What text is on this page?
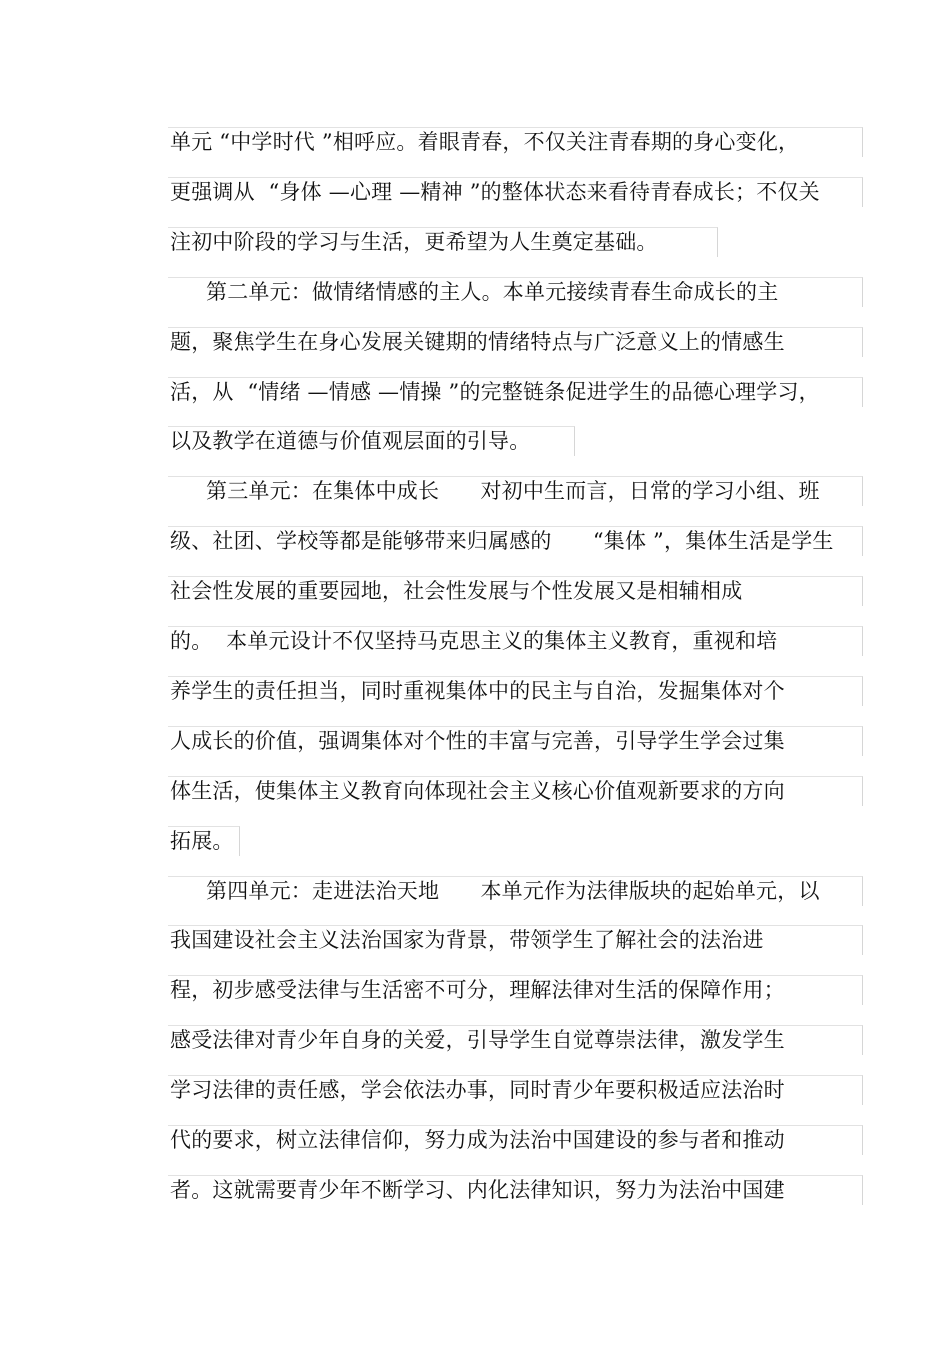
单元 “中学时代 ”相呼应。着眼青春，不仅关注青春期的身心变化，
更强调从  “身体 —心理 —精神 ”的整体状态来看待青春成长；不仅关
注初中阶段的学习与生活，更希望为人生奠定基础。
第二单元：做情绪情感的主人。本单元接续青春生命成长的主
题，聚焦学生在身心发展关键期的情绪特点与广泛意义上的情感生
活，从  “情绪 —情感 —情操 ”的完整链条促进学生的品德心理学习，
以及教学在道德与价值观层面的引导。
第三单元：在集体中成长      对初中生而言，日常的学习小组、班
级、社团、学校等都是能够带来归属感的      “集体 ”，集体生活是学生
社会性发展的重要园地，社会性发展与个性发展又是相辅相成
的。  本单元设计不仅坚持马克思主义的集体主义教育，重视和培
养学生的责任担当，同时重视集体中的民主与自治，发掘集体对个
人成长的价值，强调集体对个性的丰富与完善，引导学生学会过集
体生活，使集体主义教育向体现社会主义核心价值观新要求的方向
拓展。
第四单元：走进法治天地      本单元作为法律版块的起始单元，以
我国建设社会主义法治国家为背景，带领学生了解社会的法治进
程，初步感受法律与生活密不可分，理解法律对生活的保障作用；
感受法律对青少年自身的关爱，引导学生自觉尊崇法律，激发学生
学习法律的责任感，学会依法办事，同时青少年要积极适应法治时
代的要求，树立法律信仰，努力成为法治中国建设的参与者和推动
者。这就需要青少年不断学习、内化法律知识，努力为法治中国建
